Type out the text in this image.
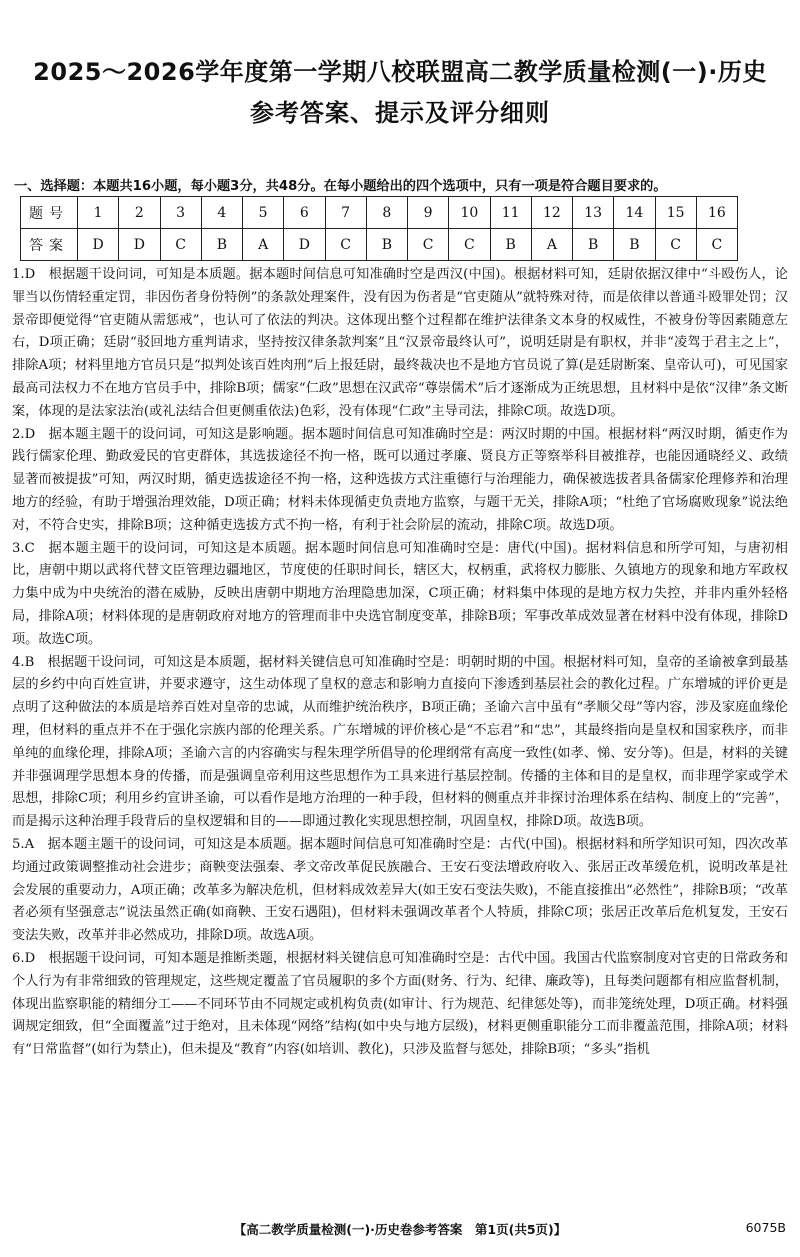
2025～2026学年度第一学期八校联盟高二教学质量检测(一)·历史
参考答案、提示及评分细则
一、选择题：本题共16小题，每小题3分，共48分。在每小题给出的四个选项中，只有一项是符合题目要求的。
题号	1	2	3	4	5	6	7	8	9	10	11	12	13	14	15	16
答案	D	D	C	B	A	D	C	B	C	C	B	A	B	B	C	C

1.D　根据题干设问词，可知是本质题。据本题时间信息可知准确时空是西汉(中国)。根据材料可知，廷尉依据汉律中“斗殴伤人，论罪当以伤情轻重定罚，非因伤者身份特例”的条款处理案件，没有因为伤者是“官吏随从”就特殊对待，而是依律以普通斗殴罪处罚；汉景帝即便觉得“官吏随从需惩戒”，也认可了依法的判决。这体现出整个过程都在维护法律条文本身的权威性，不被身份等因素随意左右，D项正确；廷尉“驳回地方重判请求，坚持按汉律条款判案”且“汉景帝最终认可”，说明廷尉是有职权，并非“凌驾于君主之上”，排除A项；材料里地方官员只是“拟判处该百姓肉刑”后上报廷尉，最终裁决也不是地方官员说了算(是廷尉断案、皇帝认可)，可见国家最高司法权力不在地方官员手中，排除B项；儒家“仁政”思想在汉武帝“尊崇儒术”后才逐渐成为正统思想，且材料中是依“汉律”条文断案，体现的是法家法治(或礼法结合但更侧重依法)色彩，没有体现“仁政”主导司法，排除C项。故选D项。

2.D　据本题主题干的设问词，可知这是影响题。据本题时间信息可知准确时空是：两汉时期的中国。根据材料“两汉时期，循吏作为践行儒家伦理、勤政爱民的官吏群体，其选拔途径不拘一格，既可以通过孝廉、贤良方正等察举科目被推荐，也能因通晓经义、政绩显著而被提拔”可知，两汉时期，循吏选拔途径不拘一格，这种选拔方式注重德行与治理能力，确保被选拔者具备儒家伦理修养和治理地方的经验，有助于增强治理效能，D项正确；材料未体现循吏负责地方监察，与题干无关，排除A项；“杜绝了官场腐败现象”说法绝对，不符合史实，排除B项；这种循吏选拔方式不拘一格，有利于社会阶层的流动，排除C项。故选D项。

3.C　据本题主题干的设问词，可知这是本质题。据本题时间信息可知准确时空是：唐代(中国)。据材料信息和所学可知，与唐初相比，唐朝中期以武将代替文臣管理边疆地区，节度使的任职时间长，辖区大，权柄重，武将权力膨胀、久镇地方的现象和地方军政权力集中成为中央统治的潜在威胁，反映出唐朝中期地方治理隐患加深，C项正确；材料集中体现的是地方权力失控，并非内重外轻格局，排除A项；材料体现的是唐朝政府对地方的管理而非中央选官制度变革，排除B项；军事改革成效显著在材料中没有体现，排除D项。故选C项。

4.B　根据题干设问词，可知这是本质题，据材料关键信息可知准确时空是：明朝时期的中国。根据材料可知，皇帝的圣谕被拿到最基层的乡约中向百姓宣讲，并要求遵守，这生动体现了皇权的意志和影响力直接向下渗透到基层社会的教化过程。广东增城的评价更是点明了这种做法的本质是培养百姓对皇帝的忠诚，从而维护统治秩序，B项正确；圣谕六言中虽有“孝顺父母”等内容，涉及家庭血缘伦理，但材料的重点并不在于强化宗族内部的伦理关系。广东增城的评价核心是“不忘君”和“忠”，其最终指向是皇权和国家秩序，而非单纯的血缘伦理，排除A项；圣谕六言的内容确实与程朱理学所倡导的伦理纲常有高度一致性(如孝、悌、安分等)。但是，材料的关键并非强调理学思想本身的传播，而是强调皇帝利用这些思想作为工具来进行基层控制。传播的主体和目的是皇权，而非理学家或学术思想，排除C项；利用乡约宣讲圣谕，可以看作是地方治理的一种手段，但材料的侧重点并非探讨治理体系在结构、制度上的“完善”，而是揭示这种治理手段背后的皇权逻辑和目的——即通过教化实现思想控制，巩固皇权，排除D项。故选B项。

5.A　据本题主题干的设问词，可知这是本质题。据本题时间信息可知准确时空是：古代(中国)。根据材料和所学知识可知，四次改革均通过政策调整推动社会进步；商鞅变法强秦、孝文帝改革促民族融合、王安石变法增政府收入、张居正改革缓危机，说明改革是社会发展的重要动力，A项正确；改革多为解决危机，但材料成效差异大(如王安石变法失败)，不能直接推出“必然性”，排除B项；“改革者必须有坚强意志”说法虽然正确(如商鞅、王安石遇阻)，但材料未强调改革者个人特质，排除C项；张居正改革后危机复发，王安石变法失败，改革并非必然成功，排除D项。故选A项。

6.D　根据题干设问词，可知本题是推断类题，根据材料关键信息可知准确时空是：古代中国。我国古代监察制度对官吏的日常政务和个人行为有非常细致的管理规定，这些规定覆盖了官员履职的多个方面(财务、行为、纪律、廉政等)，且每类问题都有相应监督机制，体现出监察职能的精细分工——不同环节由不同规定或机构负责(如审计、行为规范、纪律惩处等)，而非笼统处理，D项正确。材料强调规定细致，但“全面覆盖”过于绝对，且未体现“网络”结构(如中央与地方层级)，材料更侧重职能分工而非覆盖范围，排除A项；材料有“日常监督”(如行为禁止)，但未提及“教育”内容(如培训、教化)，只涉及监督与惩处，排除B项；“多头”指机

【高二教学质量检测(一)·历史卷参考答案　第1页(共5页)】	6075B
